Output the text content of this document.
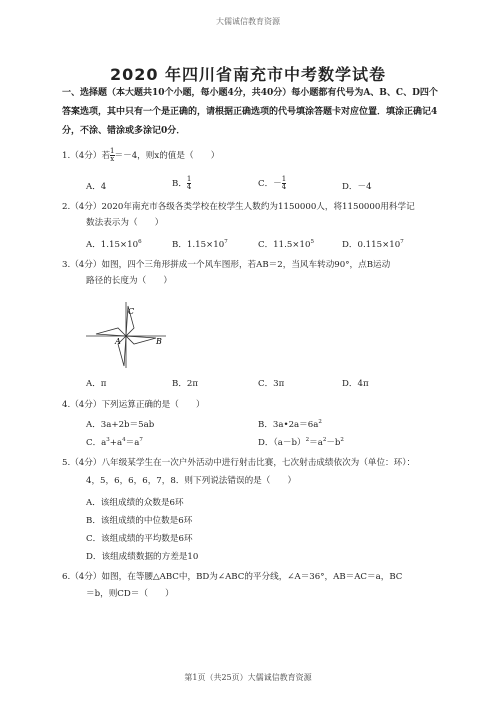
大儒诚信教育资源
2020 年四川省南充市中考数学试卷
一、选择题（本大题共10个小题，每小题4分，共40分）每小题都有代号为A、B、C、D四个答案选项，其中只有一个是正确的，请根据正确选项的代号填涂答题卡对应位置．填涂正确记4分，不涂、错涂或多涂记0分．
1.（4分）若 $\frac{1}{x} =-4$，则x的值是（　　）
A．4	B． $\frac{1}{4}$	C．－ $\frac{1}{4}$	D．－4
2.（4分）2020年南充市各级各类学校在校学生人数约为1150000人，将1150000用科学记
数法表示为（　　）
A．$1.15\times 10^6$	B．$1.15\times 10^7$	C．$11.5\times 10^5$	D．$0.115\times 10^7$
3.（4分）如图，四个三角形拼成一个风车图形，若AB＝2，当风车转动90°，点B运动
路径的长度为（　　）
C
A	B
A．π	B．2π	C．3π	D．4π
4.（4分）下列运算正确的是（　　）
A．3a+2b＝5ab	B．$3a•2a=6a^2$
C．$a^3+a^4=a^7$	D．$(a-b)^2=a^2-b^2$
5.（4分）八年级某学生在一次户外活动中进行射击比赛，七次射击成绩依次为（单位：环）：
4，5，6，6，6，7，8．则下列说法错误的是（　　）
A．该组成绩的众数是6环
B．该组成绩的中位数是6环
C．该组成绩的平均数是6环
D．该组成绩数据的方差是10
6.（4分）如图，在等腰△ABC中，BD为∠ABC的平分线，∠A＝36°，AB＝AC＝a，BC
＝b，则CD＝（　　）
第1页（共25页）大儒诚信教育资源
